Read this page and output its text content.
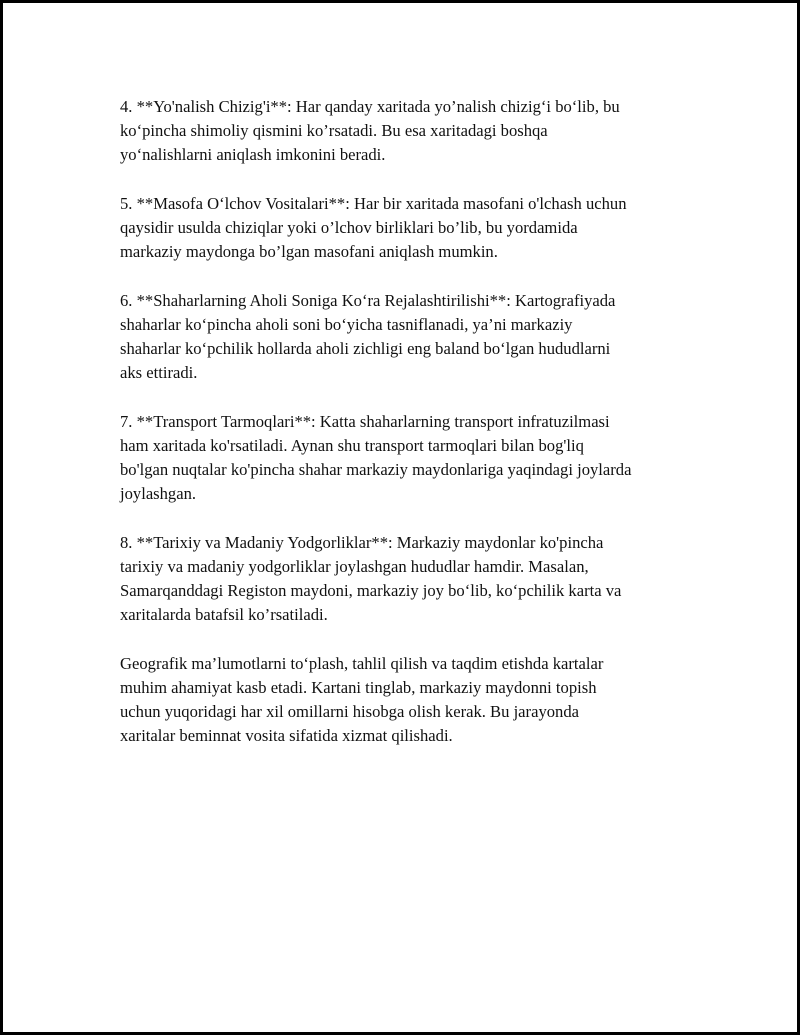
4. **Yo'nalish Chizig'i**: Har qanday xaritada yo’nalish chizig‘i bo‘lib, bu
ko‘pincha shimoliy qismini ko’rsatadi. Bu esa xaritadagi boshqa
yo‘nalishlarni aniqlash imkonini beradi.

5. **Masofa O‘lchov Vositalari**: Har bir xaritada masofani o'lchash uchun
qaysidir usulda chiziqlar yoki o’lchov birliklari bo’lib, bu yordamida
markaziy maydonga bo’lgan masofani aniqlash mumkin.

6. **Shaharlarning Aholi Soniga Ko‘ra Rejalashtirilishi**: Kartografiyada
shaharlar ko‘pincha aholi soni bo‘yicha tasniflanadi, ya’ni markaziy
shaharlar ko‘pchilik hollarda aholi zichligi eng baland bo‘lgan hududlarni
aks ettiradi.

7. **Transport Tarmoqlari**: Katta shaharlarning transport infratuzilmasi
ham xaritada ko'rsatiladi. Aynan shu transport tarmoqlari bilan bog'liq
bo'lgan nuqtalar ko'pincha shahar markaziy maydonlariga yaqindagi joylarda
joylashgan.

8. **Tarixiy va Madaniy Yodgorliklar**: Markaziy maydonlar ko'pincha
tarixiy va madaniy yodgorliklar joylashgan hududlar hamdir. Masalan,
Samarqanddagi Registon maydoni, markaziy joy bo‘lib, ko‘pchilik karta va
xaritalarda batafsil ko’rsatiladi.

Geografik ma’lumotlarni to‘plash, tahlil qilish va taqdim etishda kartalar
muhim ahamiyat kasb etadi. Kartani tinglab, markaziy maydonni topish
uchun yuqoridagi har xil omillarni hisobga olish kerak. Bu jarayonda
xaritalar beminnat vosita sifatida xizmat qilishadi.
